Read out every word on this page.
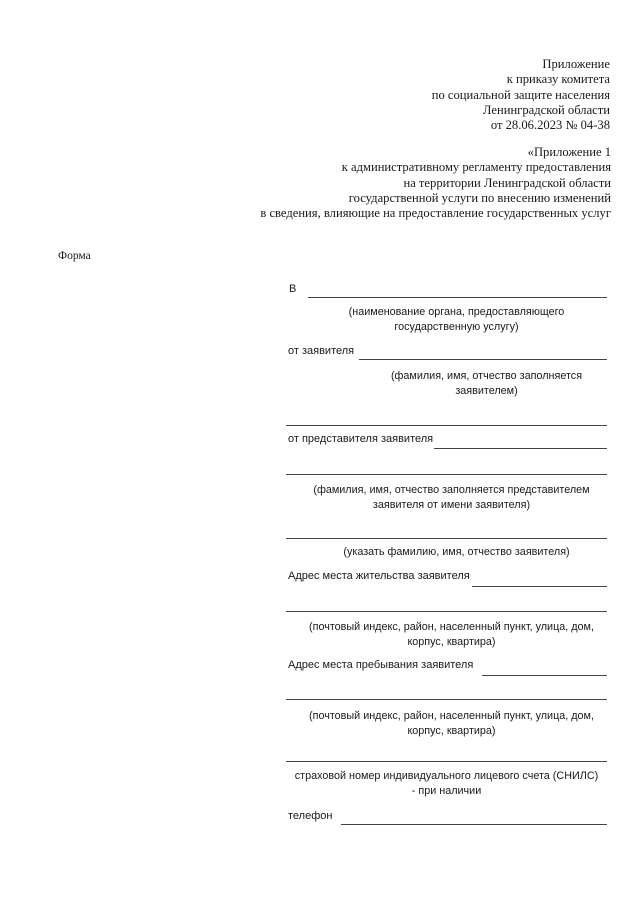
Приложение
к приказу комитета
по социальной защите населения
Ленинградской области
от 28.06.2023 № 04-38
«Приложение 1
к административному регламенту предоставления
на территории Ленинградской области
государственной услуги по внесению изменений
в сведения, влияющие на предоставление государственных услуг
Форма
В
(наименование органа, предоставляющего
государственную услугу)
от заявителя
(фамилия, имя, отчество заполняется
заявителем)
от представителя заявителя
(фамилия, имя, отчество заполняется представителем
заявителя от имени заявителя)
(указать фамилию, имя, отчество заявителя)
Адрес места жительства заявителя
(почтовый индекс, район, населенный пункт, улица, дом,
корпус, квартира)
Адрес места пребывания заявителя
(почтовый индекс, район, населенный пункт, улица, дом,
корпус, квартира)
страховой номер индивидуального лицевого счета (СНИЛС)
- при наличии
телефон
